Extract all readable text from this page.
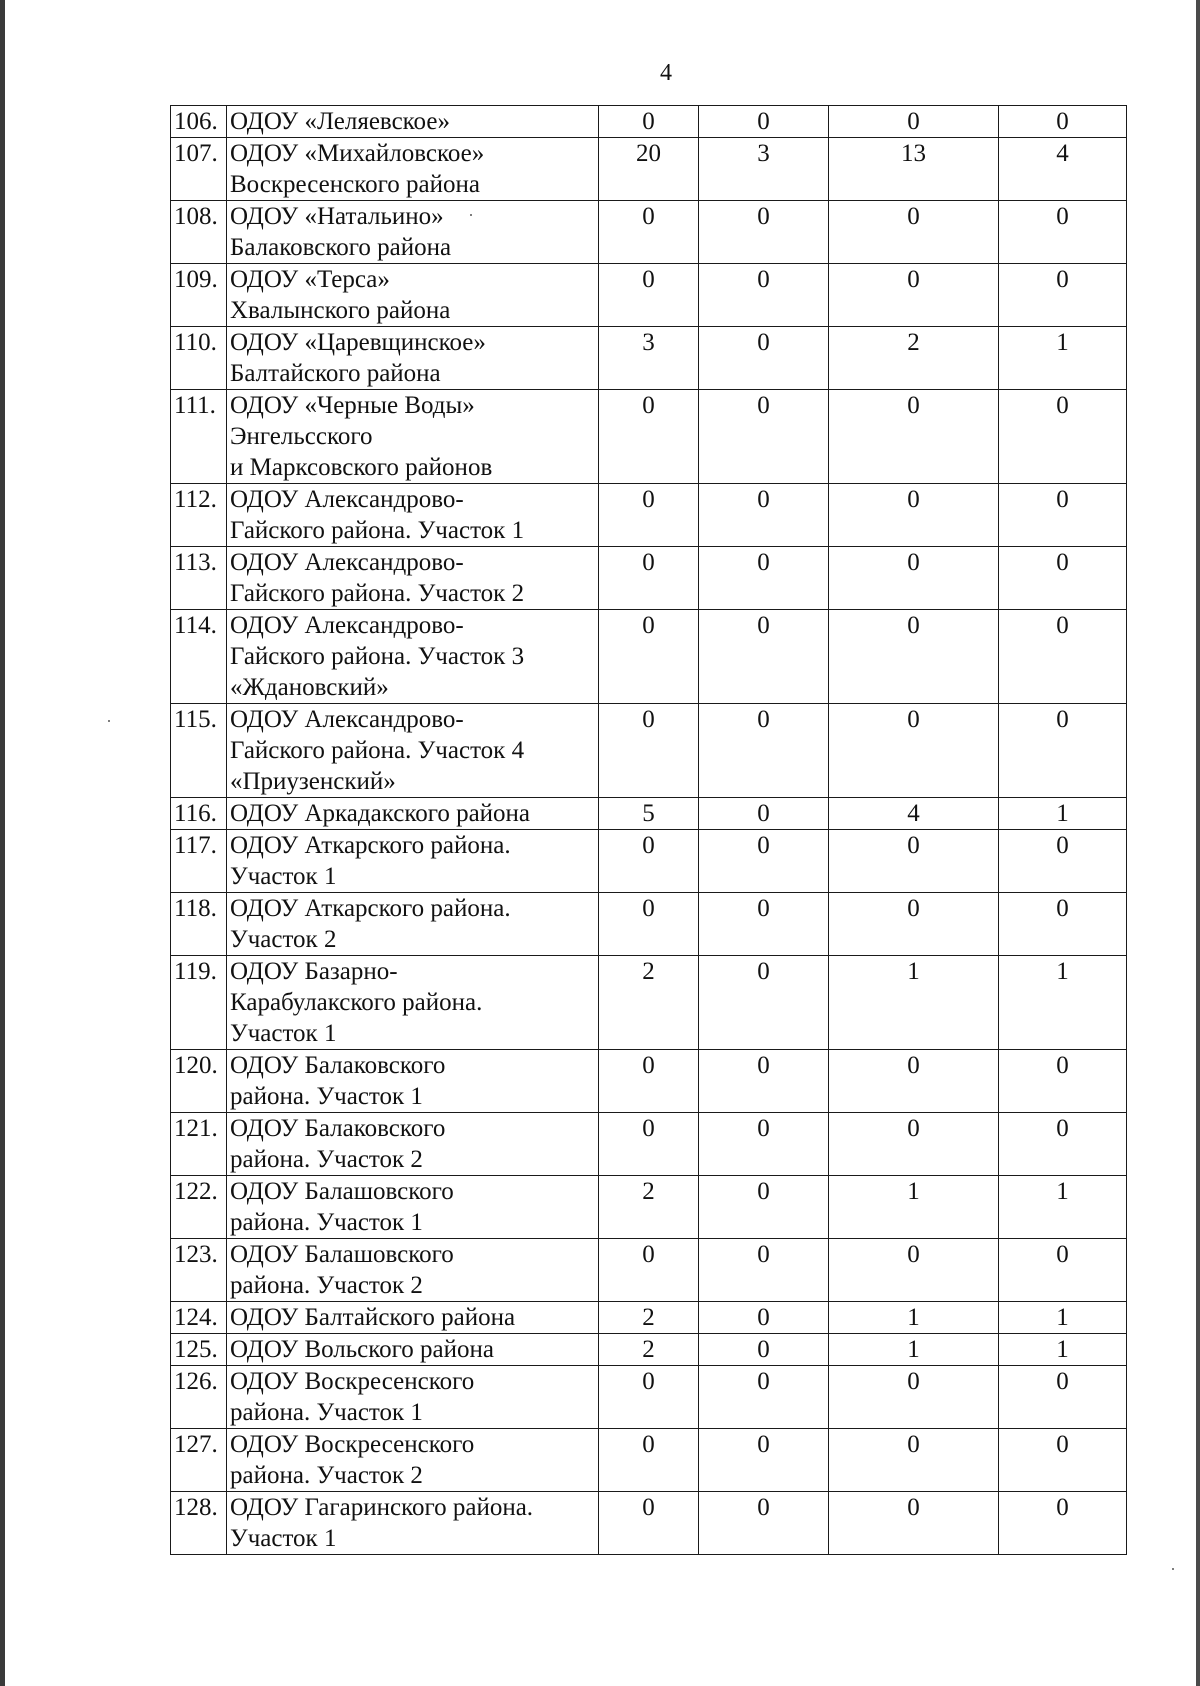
4
106.	ОДОУ «Леляевское»	0	0	0	0
107.	ОДОУ «Михайловское»
Воскресенского района	20	3	13	4
108.	ОДОУ «Натальино»
Балаковского района	0	0	0	0
109.	ОДОУ «Терса»
Хвалынского района	0	0	0	0
110.	ОДОУ «Царевщинское»
Балтайского района	3	0	2	1
111.	ОДОУ «Черные Воды»
Энгельсского
и Марксовского районов	0	0	0	0
112.	ОДОУ Александрово-
Гайского района. Участок 1	0	0	0	0
113.	ОДОУ Александрово-
Гайского района. Участок 2	0	0	0	0
114.	ОДОУ Александрово-
Гайского района. Участок 3
«Ждановский»	0	0	0	0
115.	ОДОУ Александрово-
Гайского района. Участок 4
«Приузенский»	0	0	0	0
116.	ОДОУ Аркадакского района	5	0	4	1
117.	ОДОУ Аткарского района.
Участок 1	0	0	0	0
118.	ОДОУ Аткарского района.
Участок 2	0	0	0	0
119.	ОДОУ Базарно-
Карабулакского района.
Участок 1	2	0	1	1
120.	ОДОУ Балаковского
района. Участок 1	0	0	0	0
121.	ОДОУ Балаковского
района. Участок 2	0	0	0	0
122.	ОДОУ Балашовского
района. Участок 1	2	0	1	1
123.	ОДОУ Балашовского
района. Участок 2	0	0	0	0
124.	ОДОУ Балтайского района	2	0	1	1
125.	ОДОУ Вольского района	2	0	1	1
126.	ОДОУ Воскресенского
района. Участок 1	0	0	0	0
127.	ОДОУ Воскресенского
района. Участок 2	0	0	0	0
128.	ОДОУ Гагаринского района.
Участок 1	0	0	0	0
